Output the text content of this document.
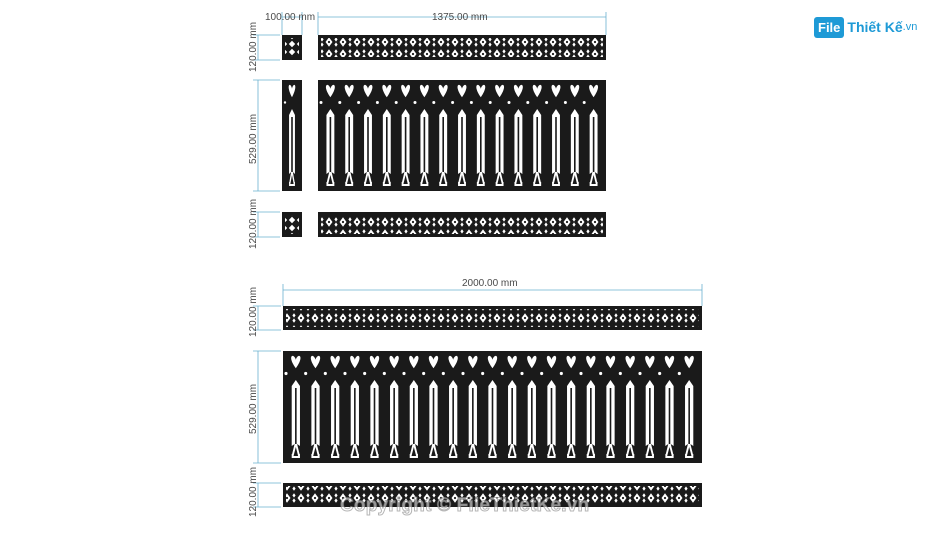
100.00 mm	1375.00 mm
120.00 mm
529.00 mm
120.00 mm
2000.00 mm
120.00 mm
529.00 mm
120.00 mm
File Thiết Kế .vn
Copyright © FileThietKe.vn
